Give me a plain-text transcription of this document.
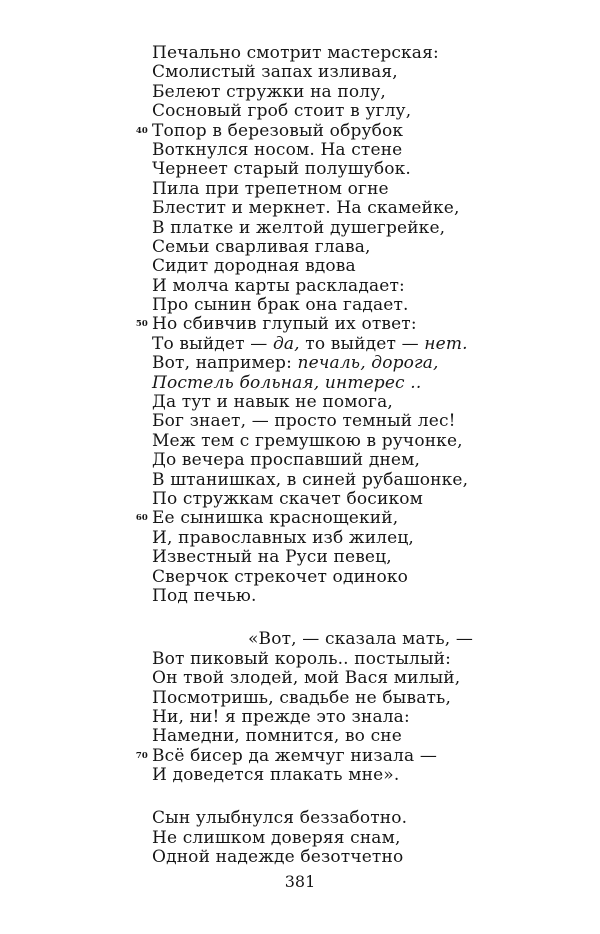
Печально смотрит мастерская:
Смолистый запах изливая,
Белеют стружки на полу,
Сосновый гроб стоит в углу,
40 Топор в березовый обрубок
Воткнулся носом. На стене
Чернеет старый полушубок.
Пила при трепетном огне
Блестит и меркнет. На скамейке,
В платке и желтой душегрейке,
Семьи сварливая глава,
Сидит дородная вдова
И молча карты раскладает:
Про сынин брак она гадает.
50 Но сбивчив глупый их ответ:
То выйдет — да, то выйдет — нет.
Вот, например: печаль, дорога,
Постель больная, интерес ..
Да тут и навык не помога,
Бог знает, — просто темный лес!
Меж тем с гремушкою в ручонке,
До вечера проспавший днем,
В штанишках, в синей рубашонке,
По стружкам скачет босиком
60 Ее сынишка краснощекий,
И, православных изб жилец,
Известный на Руси певец,
Сверчок стрекочет одиноко
Под печью.
«Вот, — сказала мать, —
Вот пиковый король.. постылый:
Он твой злодей, мой Вася милый,
Посмотришь, свадьбе не бывать,
Ни, ни! я прежде это знала:
Намедни, помнится, во сне
70 Всё бисер да жемчуг низала —
И доведется плакать мне».
Сын улыбнулся беззаботно.
Не слишком доверяя снам,
Одной надежде безотчетно
381
